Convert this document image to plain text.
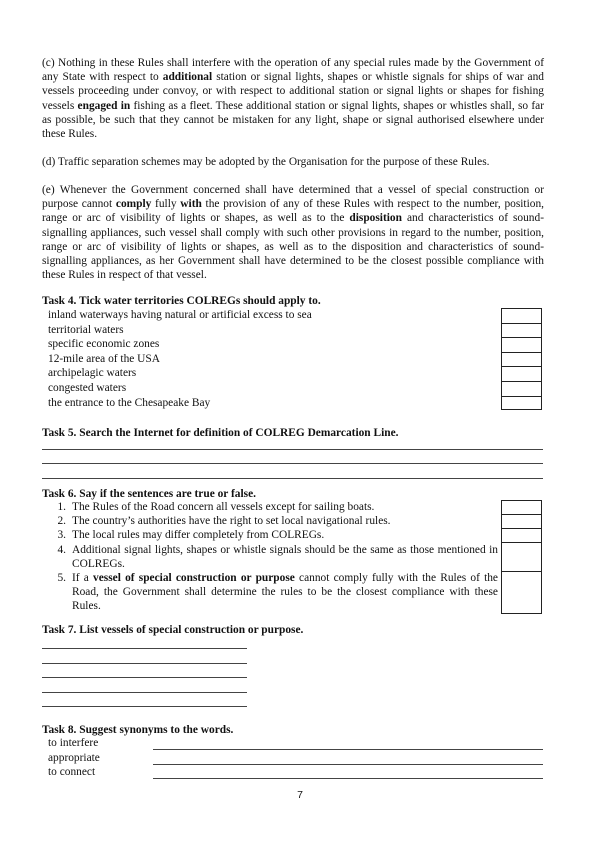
(c) Nothing in these Rules shall interfere with the operation of any special rules made by the Government of any State with respect to additional station or signal lights, shapes or whistle signals for ships of war and vessels proceeding under convoy, or with respect to additional station or signal lights or shapes for fishing vessels engaged in fishing as a fleet. These additional station or signal lights, shapes or whistles shall, so far as possible, be such that they cannot be mistaken for any light, shape or signal authorised elsewhere under these Rules.

(d) Traffic separation schemes may be adopted by the Organisation for the purpose of these Rules.

(e) Whenever the Government concerned shall have determined that a vessel of special construction or purpose cannot comply fully with the provision of any of these Rules with respect to the number, position, range or arc of visibility of lights or shapes, as well as to the disposition and characteristics of sound-signalling appliances, such vessel shall comply with such other provisions in regard to the number, position, range or arc of visibility of lights or shapes, as well as to the disposition and characteristics of sound-signalling appliances, as her Government shall have determined to be the closest possible compliance with these Rules in respect of that vessel.

Task 4. Tick water territories COLREGs should apply to.

inland waterways having natural or artificial excess to sea
territorial waters
specific economic zones
12-mile area of the USA
archipelagic waters
congested waters
the entrance to the Chesapeake Bay

Task 5. Search the Internet for definition of COLREG Demarcation Line.

Task 6. Say if the sentences are true or false.

1. The Rules of the Road concern all vessels except for sailing boats.
2. The country’s authorities have the right to set local navigational rules.
3. The local rules may differ completely from COLREGs.
4. Additional signal lights, shapes or whistle signals should be the same as those mentioned in COLREGs.
5. If a vessel of special construction or purpose cannot comply fully with the Rules of the Road, the Government shall determine the rules to be the closest compliance with these Rules.

Task 7. List vessels of special construction or purpose.

Task 8. Suggest synonyms to the words.

to interfere
appropriate
to connect
7
